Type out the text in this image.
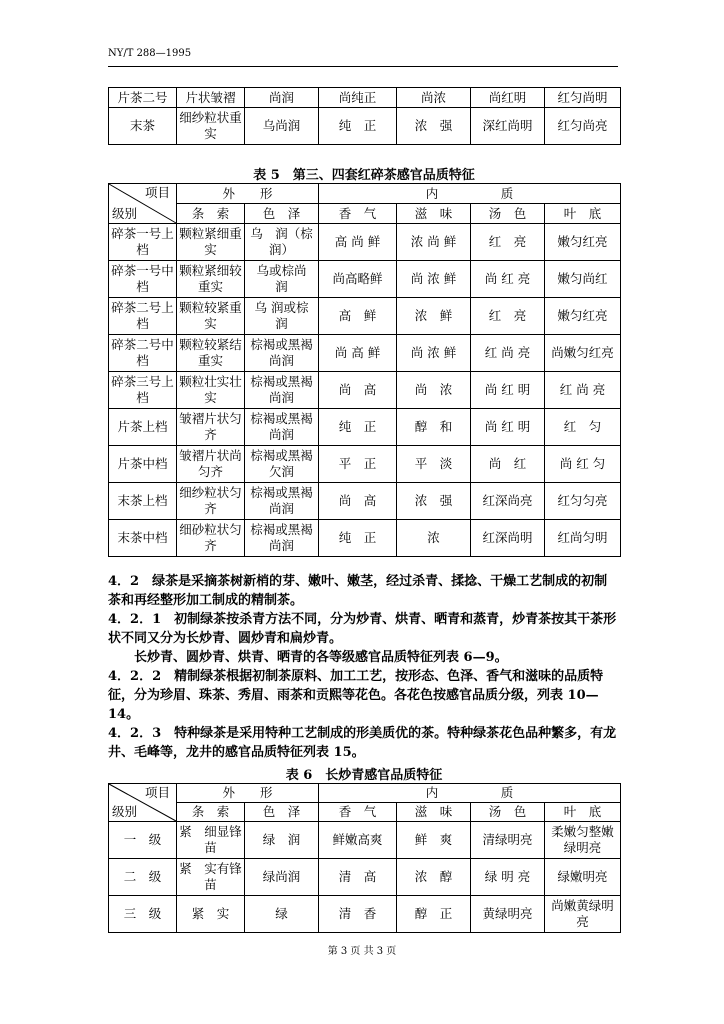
NY/T 288—1995
片茶二号	片状皱褶	尚润	尚纯正	尚浓	尚红明	红匀尚明
末茶	细纱粒状重　实	乌尚润	纯　正	浓　强	深红尚明	红匀尚亮
表 5　第三、四套红碎茶感官品质特征
项目
级别	外　　形		内　　　　　质			
	条　索	色　泽	香　气	滋　味	汤　色	叶　底
碎茶一号上档	颗粒紧细重实	乌　润（棕 润）	高 尚 鲜	浓 尚 鲜	红　亮	嫩匀红亮
碎茶一号中档	颗粒紧细较重实	乌或棕尚　润	尚高略鲜	尚 浓 鲜	尚 红 亮	嫩匀尚红
碎茶二号上档	颗粒较紧重实	乌 润或棕 润	高　鲜	浓　鲜	红　亮	嫩匀红亮
碎茶二号中档	颗粒较紧结重实	棕褐或黑褐尚润	尚 高 鲜	尚 浓 鲜	红 尚 亮	尚嫩匀红亮
碎茶三号上档	颗粒壮实壮实	棕褐或黑褐尚润	尚　高	尚　浓	尚 红 明	红 尚 亮
片茶上档	皱褶片状匀齐	棕褐或黑褐尚润	纯　正	醇　和	尚 红 明	红　匀
片茶中档	皱褶片状尚匀齐	棕褐或黑褐欠润	平　正	平　淡	尚　红	尚 红 匀
末茶上档	细纱粒状匀齐	棕褐或黑褐尚润	尚　高	浓　强	红深尚亮	红匀匀亮
末茶中档	细砂粒状匀齐	棕褐或黑褐尚润	纯　正	浓	红深尚明	红尚匀明
4．2　绿茶是采摘茶树新梢的芽、嫩叶、嫩茎，经过杀青、揉捻、干燥工艺制成的初制茶和再经整形加工制成的精制茶。
4．2．1　初制绿茶按杀青方法不同，分为炒青、烘青、晒青和蒸青，炒青茶按其干茶形状不同又分为长炒青、圆炒青和扁炒青。
　　长炒青、圆炒青、烘青、晒青的各等级感官品质特征列表 6—9。
4．2．2　精制绿茶根据初制茶原料、加工工艺，按形态、色泽、香气和滋味的品质特征，分为珍眉、珠茶、秀眉、雨茶和贡熙等花色。各花色按感官品质分级，列表 10—14。
4．2．3　特种绿茶是采用特种工艺制成的形美质优的茶。特种绿茶花色品种繁多，有龙井、毛峰等，龙井的感官品质特征列表 15。
表 6　长炒青感官品质特征
项目
级别	外　　形		内　　　　　质			
	条　索	色　泽	香　气	滋　味	汤　色	叶　底
一　级	紧　细显锋苗	绿　润	鲜嫩高爽	鲜　爽	清绿明亮	柔嫩匀整嫩绿明亮
二　级	紧　实有锋苗	绿尚润	清　高	浓　醇	绿 明 亮	绿嫩明亮
三　级	紧　实	绿	清　香	醇　正	黄绿明亮	尚嫩黄绿明　亮
第 3 页 共 3 页
